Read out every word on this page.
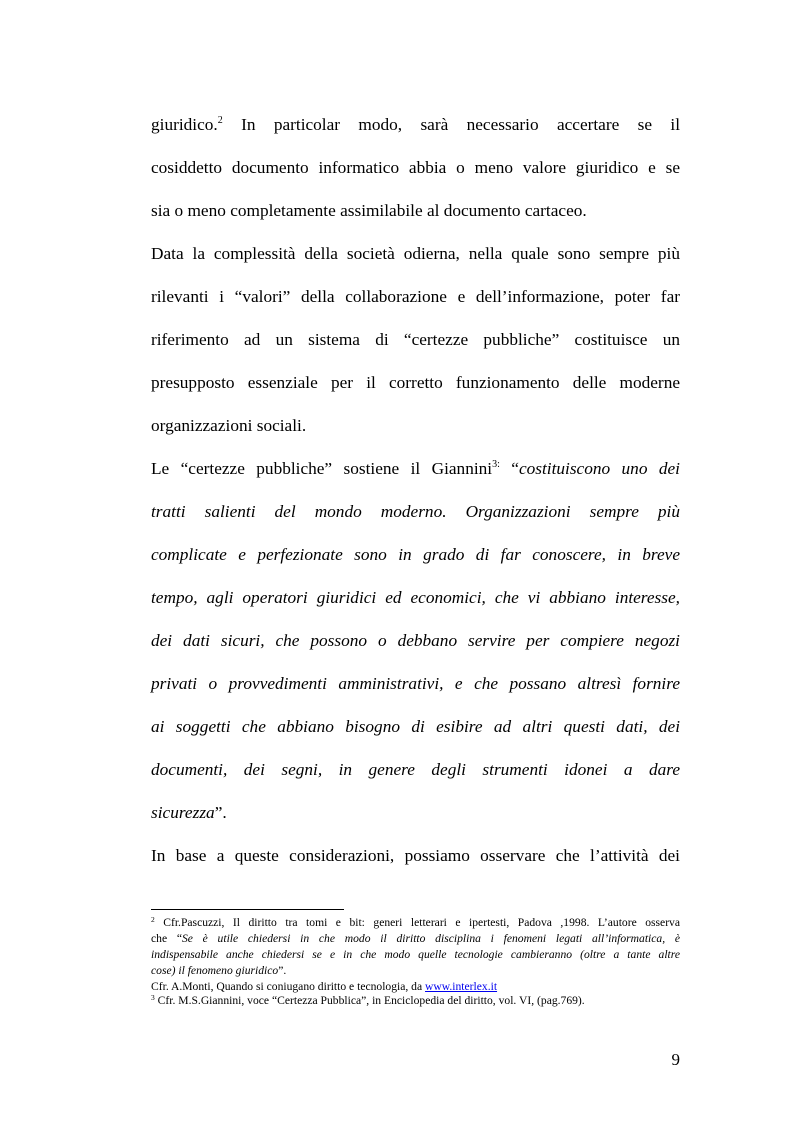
giuridico.$^2$ In particolar modo, sarà necessario accertare se il
cosiddetto documento informatico abbia o meno valore giuridico e se
sia o meno completamente assimilabile al documento cartaceo.
Data la complessità della società odierna, nella quale sono sempre più
rilevanti i “valori” della collaborazione e dell’informazione, poter far
riferimento ad un sistema di “certezze pubbliche” costituisce un
presupposto essenziale per il corretto funzionamento delle moderne
organizzazioni sociali.
Le “certezze pubbliche” sostiene il Giannini$^{3:}$ “costituiscono uno dei
tratti salienti del mondo moderno. Organizzazioni sempre più
complicate e perfezionate sono in grado di far conoscere, in breve
tempo, agli operatori giuridici ed economici, che vi abbiano interesse,
dei dati sicuri, che possono o debbano servire per compiere negozi
privati o provvedimenti amministrativi, e che possano altresì fornire
ai soggetti che abbiano bisogno di esibire ad altri questi dati, dei
documenti, dei segni, in genere degli strumenti idonei a dare
sicurezza”.
In base a queste considerazioni, possiamo osservare che l’attività dei
$^2$ Cfr.Pascuzzi, Il diritto tra tomi e bit: generi letterari e ipertesti, Padova ,1998. L’autore osserva
che “Se è utile chiedersi in che modo il diritto disciplina i fenomeni legati all’informatica, è
indispensabile anche chiedersi se e in che modo quelle tecnologie cambieranno (oltre a tante altre
cose) il fenomeno giuridico”.
Cfr. A.Monti, Quando si coniugano diritto e tecnologia, da www.interlex.it
$^3$ Cfr. M.S.Giannini, voce “Certezza Pubblica”, in Enciclopedia del diritto, vol. VI, (pag.769).
9
